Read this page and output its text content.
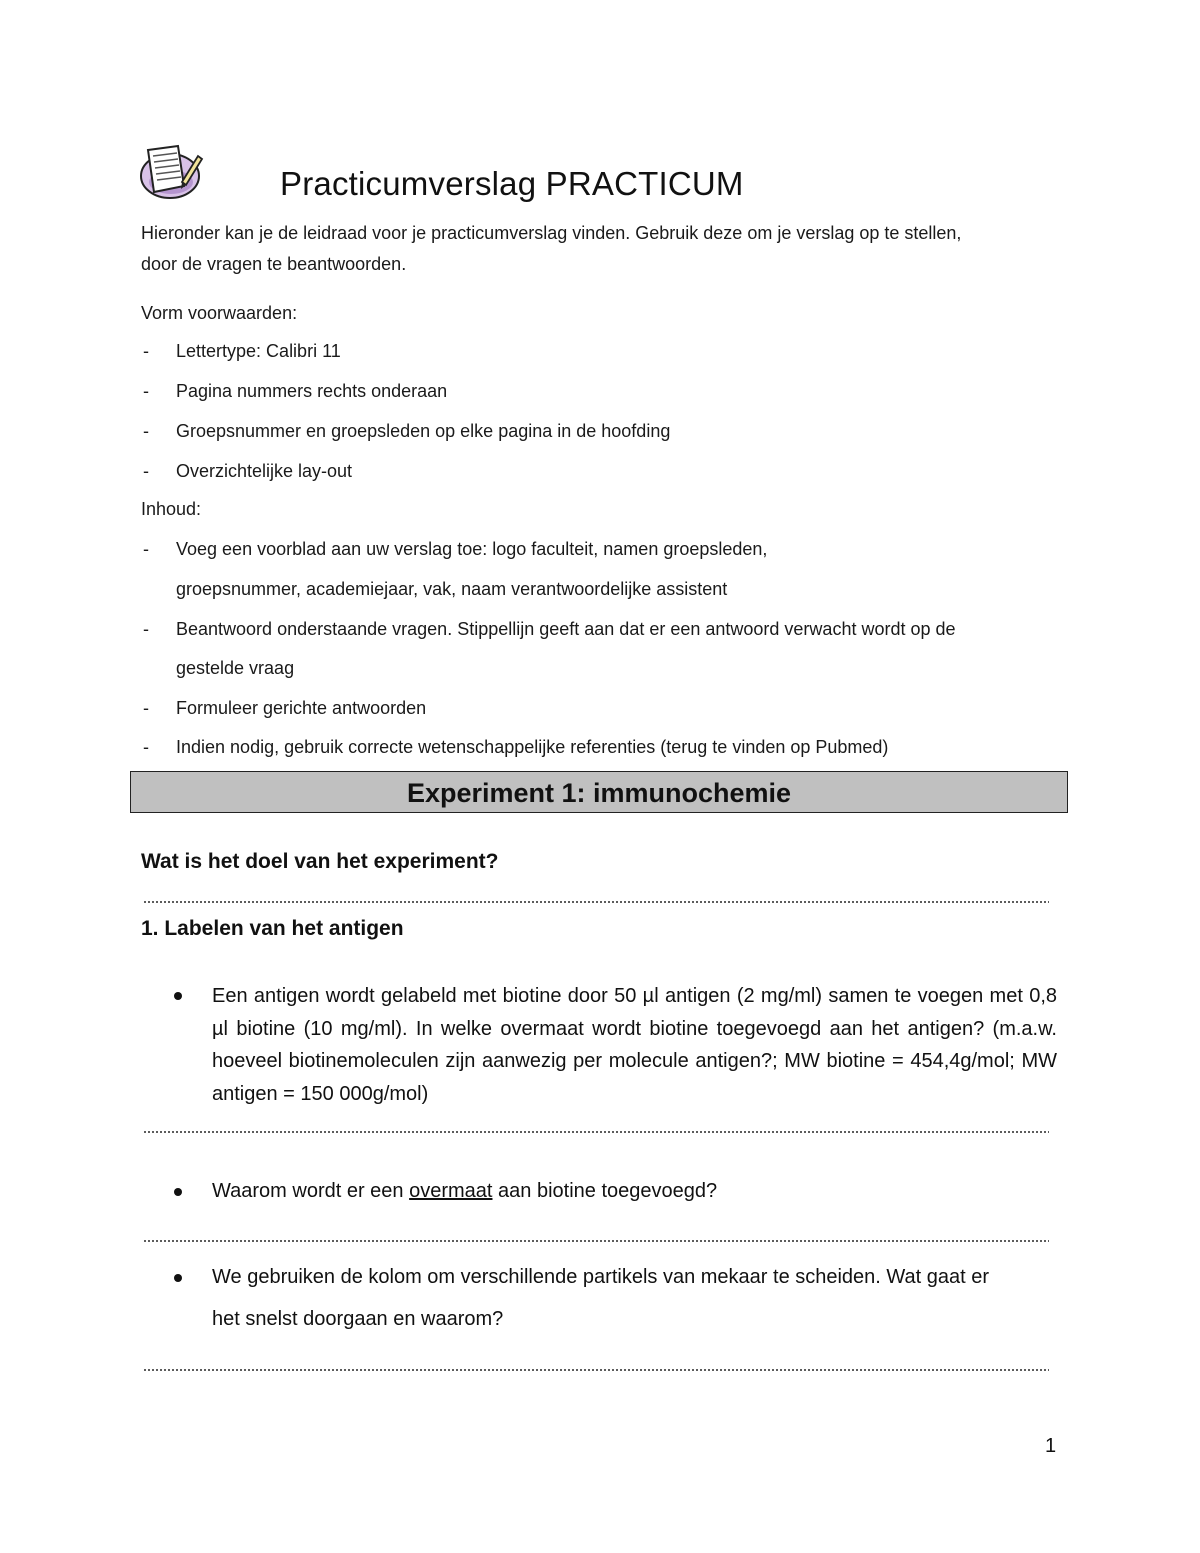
Practicumverslag PRACTICUM
Hieronder kan je de leidraad voor je practicumverslag vinden. Gebruik deze om je verslag op te stellen,
door de vragen te beantwoorden.
Vorm voorwaarden:
- Lettertype: Calibri 11
- Pagina nummers rechts onderaan
- Groepsnummer en groepsleden op elke pagina in de hoofding
- Overzichtelijke lay-out
Inhoud:
- Voeg een voorblad aan uw verslag toe: logo faculteit, namen groepsleden,
groepsnummer, academiejaar, vak, naam verantwoordelijke assistent
- Beantwoord onderstaande vragen. Stippellijn geeft aan dat er een antwoord verwacht wordt op de
gestelde vraag
- Formuleer gerichte antwoorden
- Indien nodig, gebruik correcte wetenschappelijke referenties (terug te vinden op Pubmed)
Experiment 1: immunochemie
Wat is het doel van het experiment?
1. Labelen van het antigen
Een antigen wordt gelabeld met biotine door 50 µl antigen (2 mg/ml) samen te voegen met 0,8 µl biotine (10 mg/ml). In welke overmaat wordt biotine toegevoegd aan het antigen? (m.a.w. hoeveel biotinemoleculen zijn aanwezig per molecule antigen?; MW biotine = 454,4g/mol; MW antigen = 150 000g/mol)
Waarom wordt er een overmaat aan biotine toegevoegd?
We gebruiken de kolom om verschillende partikels van mekaar te scheiden. Wat gaat er
het snelst doorgaan en waarom?
1
